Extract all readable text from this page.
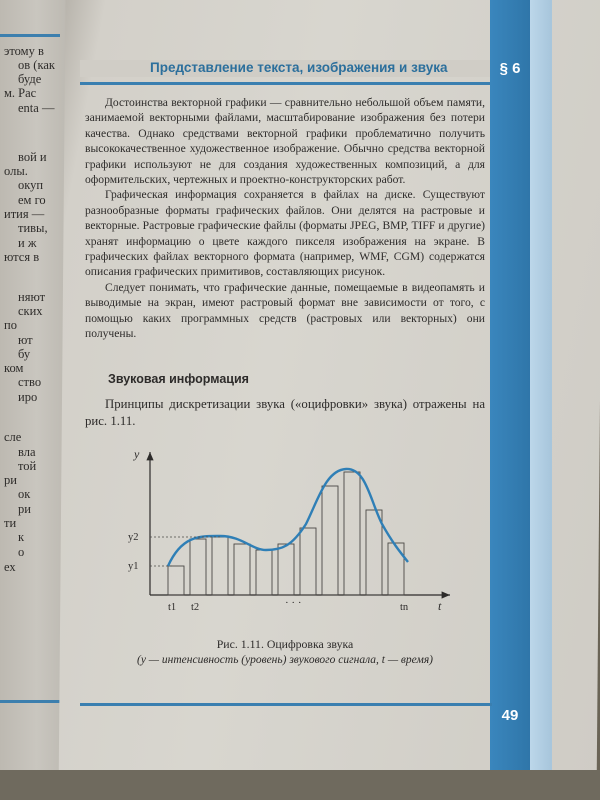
этому в
ов (как
буде
м. Рас
enta —
вой и
олы.
окуп
ем го
ития —
тивы,
и ж
ются в
няют
ских
по
ют
бу
ком
ство
иро
сле
вла
той
ри
ок
ри
ти
к
о
ех
Представление текста, изображения и звука	§ 6

Достоинства векторной графики — сравнительно небольшой объем памяти, занимаемой векторными файлами, масштабирование изображения без потери качества. Однако средствами векторной графики проблематично получить высококачественное художественное изображение. Обычно средства векторной графики используют не для создания художественных композиций, а для оформительских, чертежных и проектно-конструкторских работ.

Графическая информация сохраняется в файлах на диске. Существуют разнообразные форматы графических файлов. Они делятся на растровые и векторные. Растровые графические файлы (форматы JPEG, BMP, TIFF и другие) хранят информацию о цвете каждого пикселя изображения на экране. В графических файлах векторного формата (например, WMF, CGM) содержатся описания графических примитивов, составляющих рисунок.

Следует понимать, что графические данные, помещаемые в видеопамять и выводимые на экран, имеют растровый формат вне зависимости от того, с помощью каких программных средств (растровых или векторных) они получены.

Звуковая информация

Принципы дискретизации звука («оцифровки» звука) отражены на рис. 1.11.

y
t
y2
y1
t1 t2	· · ·	tn
Рис. 1.11. Оцифровка звука
(y — интенсивность (уровень) звукового сигнала, t — время)
49
